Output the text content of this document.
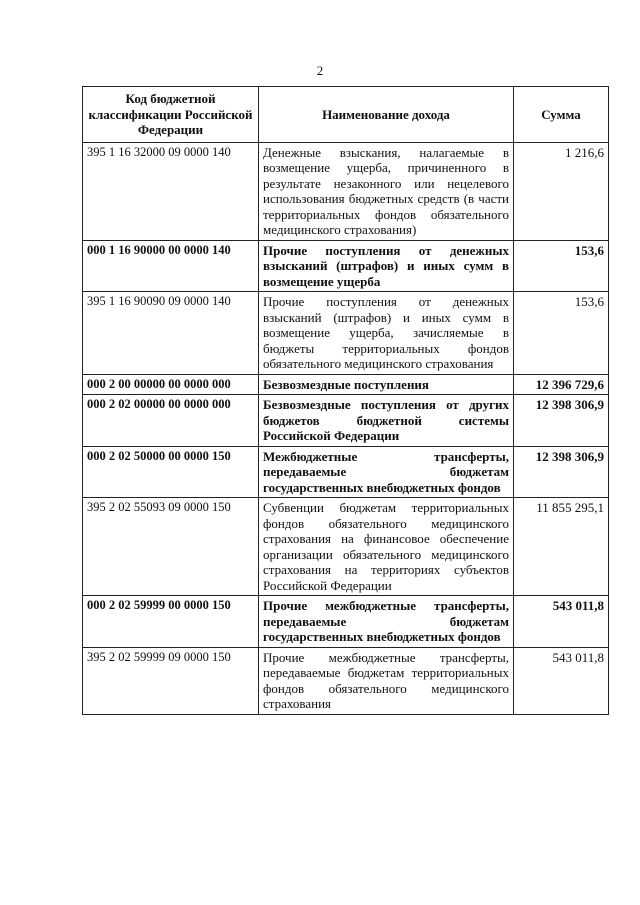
2
Код бюджетной классификации Российской Федерации	Наименование дохода	Сумма
395 1 16 32000 09 0000 140	Денежные взыскания, налагаемые в возмещение ущерба, причиненного в результате незаконного или нецелевого использования бюджетных средств (в части территориальных фондов обязательного медицинского страхования)	1 216,6
000 1 16 90000 00 0000 140	Прочие поступления от денежных взысканий (штрафов) и иных сумм в возмещение ущерба	153,6
395 1 16 90090 09 0000 140	Прочие поступления от денежных взысканий (штрафов) и иных сумм в возмещение ущерба, зачисляемые в бюджеты территориальных фондов обязательного медицинского страхования	153,6
000 2 00 00000 00 0000 000	Безвозмездные поступления	12 396 729,6
000 2 02 00000 00 0000 000	Безвозмездные поступления от других бюджетов бюджетной системы Российской Федерации	12 398 306,9
000 2 02 50000 00 0000 150	Межбюджетные трансферты, передаваемые бюджетам государственных внебюджетных фондов	12 398 306,9
395 2 02 55093 09 0000 150	Субвенции бюджетам территориальных фондов обязательного медицинского страхования на финансовое обеспечение организации обязательного медицинского страхования на территориях субъектов Российской Федерации	11 855 295,1
000 2 02 59999 00 0000 150	Прочие межбюджетные трансферты, передаваемые бюджетам государственных внебюджетных фондов	543 011,8
395 2 02 59999 09 0000 150	Прочие межбюджетные трансферты, передаваемые бюджетам территориальных фондов обязательного медицинского страхования	543 011,8
